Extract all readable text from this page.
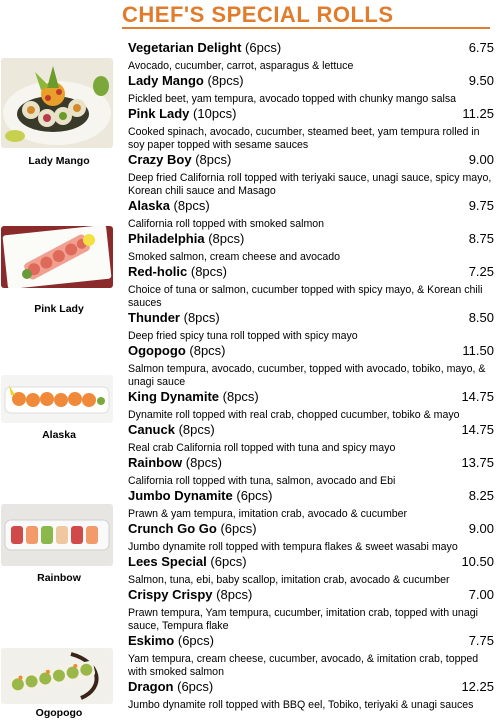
CHEF'S SPECIAL ROLLS
Lady Mango
Pink Lady
Alaska
Rainbow
Ogopogo
Vegetarian Delight (6pcs)	6.75
Avocado, cucumber, carrot, asparagus & lettuce
Lady Mango (8pcs)	9.50
Pickled beet, yam tempura, avocado topped with chunky mango salsa
Pink Lady (10pcs)	11.25
Cooked spinach, avocado, cucumber, steamed beet, yam tempura rolled in soy paper topped with sesame sauces
Crazy Boy (8pcs)	9.00
Deep fried California roll topped with teriyaki sauce, unagi sauce, spicy mayo, Korean chili sauce and Masago
Alaska (8pcs)	9.75
California roll topped with smoked salmon
Philadelphia (8pcs)	8.75
Smoked salmon, cream cheese and avocado
Red-holic (8pcs)	7.25
Choice of tuna or salmon, cucumber topped with spicy mayo, & Korean chili sauces
Thunder (8pcs)	8.50
Deep fried spicy tuna roll topped with spicy mayo
Ogopogo (8pcs)	11.50
Salmon tempura, avocado, cucumber, topped with avocado, tobiko, mayo, & unagi sauce
King Dynamite (8pcs)	14.75
Dynamite roll topped with real crab, chopped cucumber, tobiko & mayo
Canuck (8pcs)	14.75
Real crab California roll topped with tuna and spicy mayo
Rainbow (8pcs)	13.75
California roll topped with tuna, salmon, avocado and Ebi
Jumbo Dynamite (6pcs)	8.25
Prawn & yam tempura, imitation crab, avocado & cucumber
Crunch Go Go (6pcs)	9.00
Jumbo dynamite roll topped with tempura flakes & sweet wasabi mayo
Lees Special (6pcs)	10.50
Salmon, tuna, ebi, baby scallop, imitation crab, avocado & cucumber
Crispy Crispy (8pcs)	7.00
Prawn tempura, Yam tempura, cucumber, imitation crab, topped with unagi sauce, Tempura flake
Eskimo (6pcs)	7.75
Yam tempura, cream cheese, cucumber, avocado, & imitation crab, topped with smoked salmon
Dragon (6pcs)	12.25
Jumbo dynamite roll topped with BBQ eel, Tobiko, teriyaki & unagi sauces
